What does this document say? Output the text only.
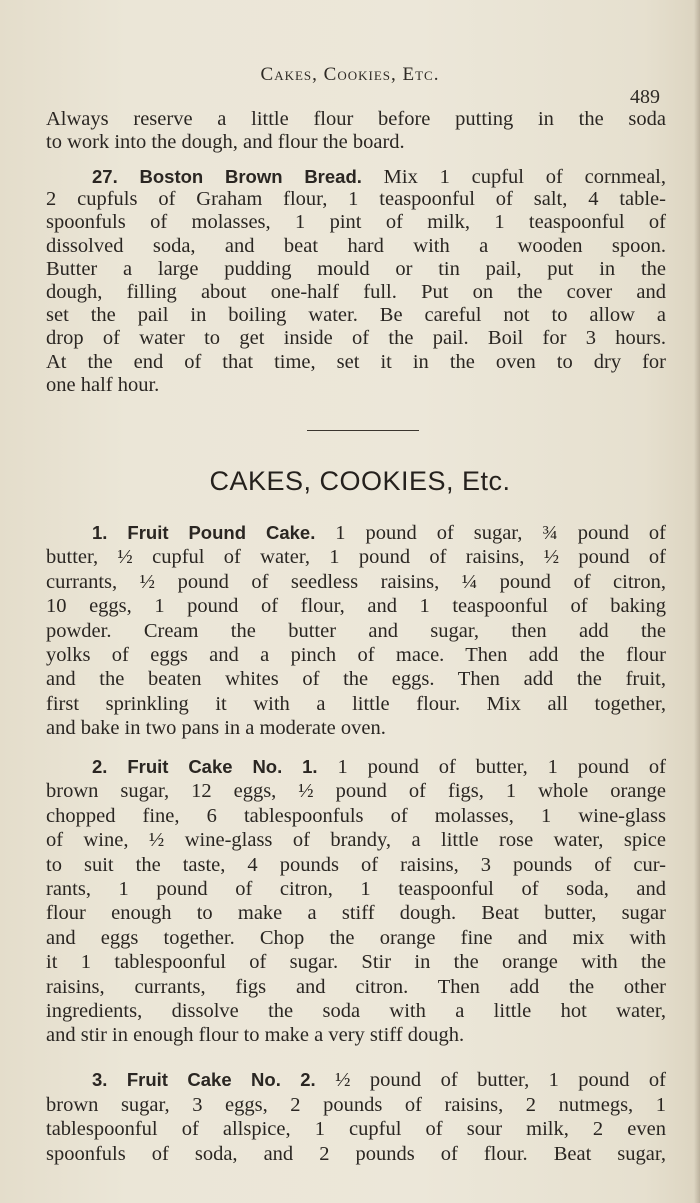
Cakes, Cookies, Etc.
489
Always reserve a little flour before putting in the soda
to work into the dough, and flour the board.
27. Boston Brown Bread. Mix 1 cupful of cornmeal,
2 cupfuls of Graham flour, 1 teaspoonful of salt, 4 table-
spoonfuls of molasses, 1 pint of milk, 1 teaspoonful of
dissolved soda, and beat hard with a wooden spoon.
Butter a large pudding mould or tin pail, put in the
dough, filling about one-half full. Put on the cover and
set the pail in boiling water. Be careful not to allow a
drop of water to get inside of the pail. Boil for 3 hours.
At the end of that time, set it in the oven to dry for
one half hour.
CAKES, COOKIES, Etc.
1. Fruit Pound Cake. 1 pound of sugar, ¾ pound of
butter, ½ cupful of water, 1 pound of raisins, ½ pound of
currants, ½ pound of seedless raisins, ¼ pound of citron,
10 eggs, 1 pound of flour, and 1 teaspoonful of baking
powder. Cream the butter and sugar, then add the
yolks of eggs and a pinch of mace. Then add the flour
and the beaten whites of the eggs. Then add the fruit,
first sprinkling it with a little flour. Mix all together,
and bake in two pans in a moderate oven.
2. Fruit Cake No. 1. 1 pound of butter, 1 pound of
brown sugar, 12 eggs, ½ pound of figs, 1 whole orange
chopped fine, 6 tablespoonfuls of molasses, 1 wine-glass
of wine, ½ wine-glass of brandy, a little rose water, spice
to suit the taste, 4 pounds of raisins, 3 pounds of cur-
rants, 1 pound of citron, 1 teaspoonful of soda, and
flour enough to make a stiff dough. Beat butter, sugar
and eggs together. Chop the orange fine and mix with
it 1 tablespoonful of sugar. Stir in the orange with the
raisins, currants, figs and citron. Then add the other
ingredients, dissolve the soda with a little hot water,
and stir in enough flour to make a very stiff dough.
3. Fruit Cake No. 2. ½ pound of butter, 1 pound of
brown sugar, 3 eggs, 2 pounds of raisins, 2 nutmegs, 1
tablespoonful of allspice, 1 cupful of sour milk, 2 even
spoonfuls of soda, and 2 pounds of flour. Beat sugar,
